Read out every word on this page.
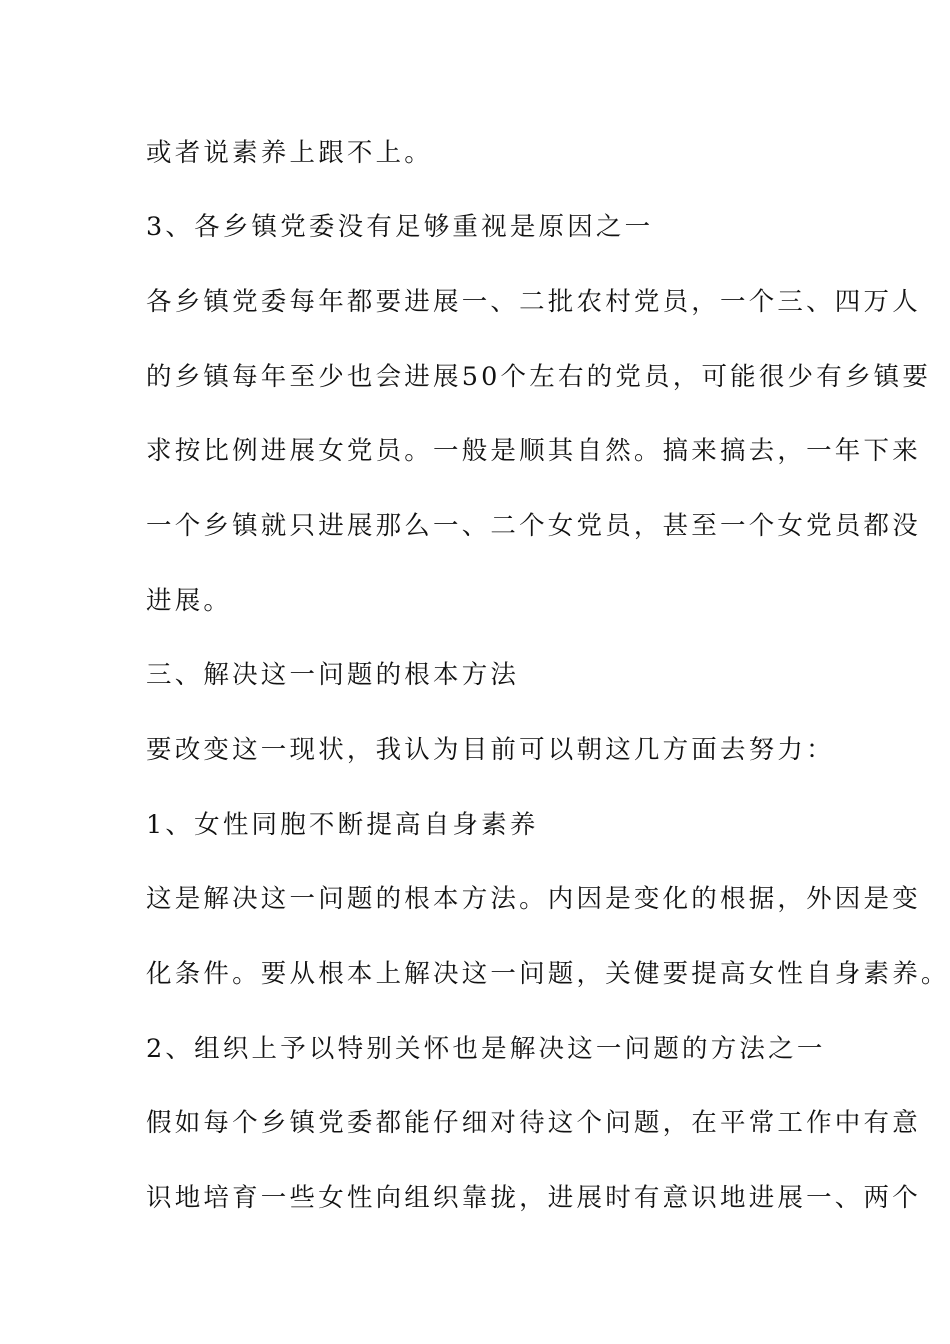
或者说素养上跟不上。
3、各乡镇党委没有足够重视是原因之一
各乡镇党委每年都要进展一、二批农村党员，一个三、四万人
的乡镇每年至少也会进展50个左右的党员，可能很少有乡镇要
求按比例进展女党员。一般是顺其自然。搞来搞去，一年下来
一个乡镇就只进展那么一、二个女党员，甚至一个女党员都没
进展。
三、解决这一问题的根本方法
要改变这一现状，我认为目前可以朝这几方面去努力：
1、女性同胞不断提高自身素养
这是解决这一问题的根本方法。内因是变化的根据，外因是变
化条件。要从根本上解决这一问题，关健要提高女性自身素养。
2、组织上予以特别关怀也是解决这一问题的方法之一
假如每个乡镇党委都能仔细对待这个问题，在平常工作中有意
识地培育一些女性向组织靠拢，进展时有意识地进展一、两个
